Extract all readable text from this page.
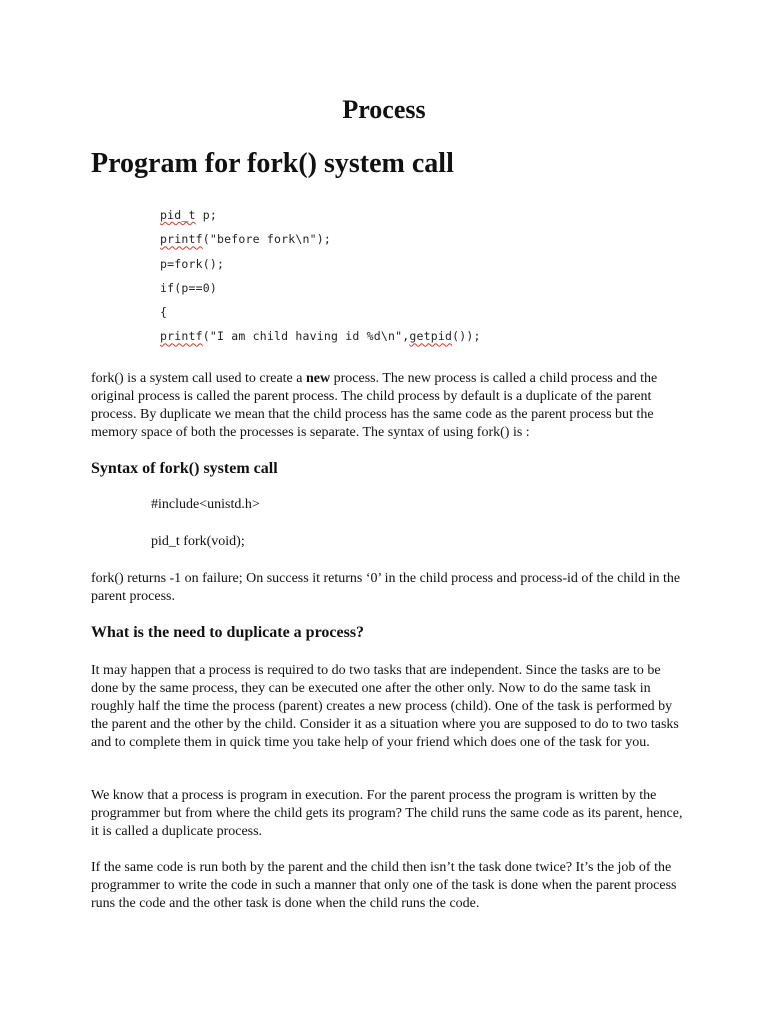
Process
Program for fork() system call
pid_t p;
printf("before fork\n");
p=fork();
if(p==0)
{
printf("I am child having id %d\n",getpid());

fork() is a system call used to create a new process. The new process is called a child process and the original process is called the parent process. The child process by default is a duplicate of the parent process. By duplicate we mean that the child process has the same code as the parent process but the memory space of both the processes is separate. The syntax of using fork() is :

Syntax of fork() system call

#include<unistd.h>

pid_t fork(void);

fork() returns -1 on failure; On success it returns ‘0’ in the child process and process-id of the child in the parent process.

What is the need to duplicate a process?

It may happen that a process is required to do two tasks that are independent. Since the tasks are to be done by the same process, they can be executed one after the other only. Now to do the same task in roughly half the time the process (parent) creates a new process (child). One of the task is performed by the parent and the other by the child. Consider it as a situation where you are supposed to do to two tasks and to complete them in quick time you take help of your friend which does one of the task for you.

We know that a process is program in execution. For the parent process the program is written by the programmer but from where the child gets its program? The child runs the same code as its parent, hence, it is called a duplicate process.

If the same code is run both by the parent and the child then isn’t the task done twice? It’s the job of the programmer to write the code in such a manner that only one of the task is done when the parent process runs the code and the other task is done when the child runs the code.
